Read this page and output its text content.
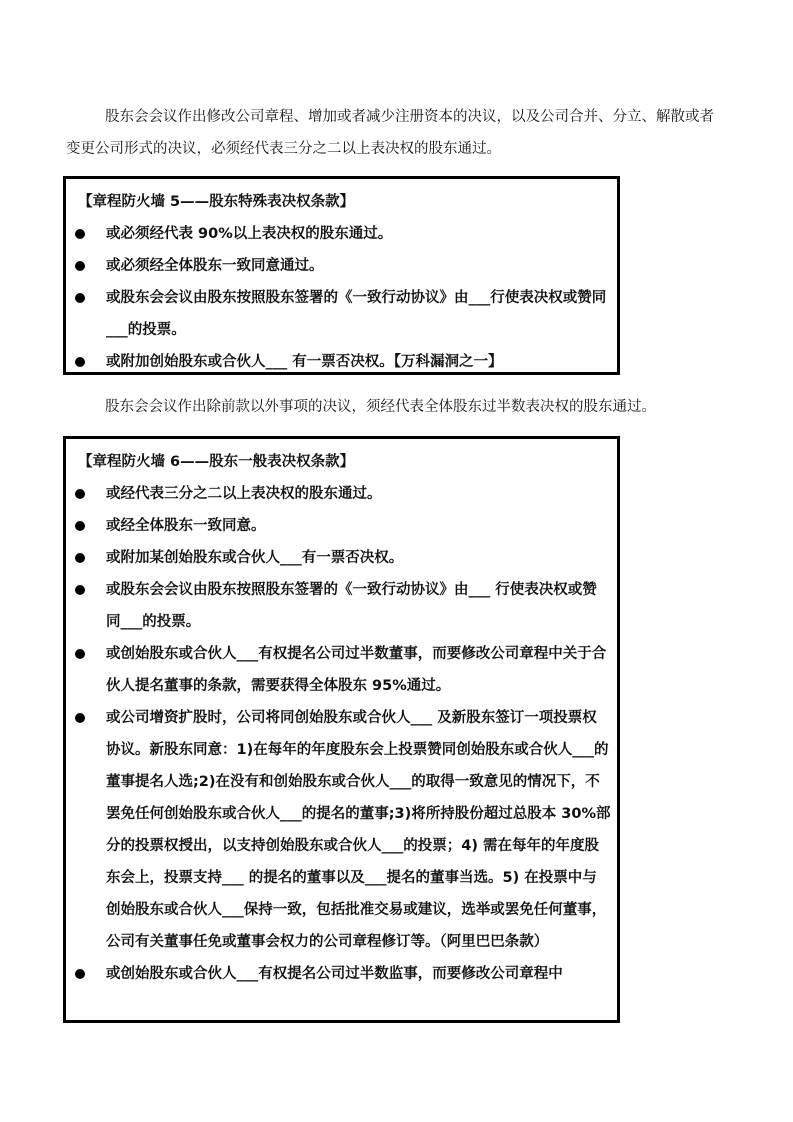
股东会会议作出修改公司章程、增加或者减少注册资本的决议，以及公司合并、分立、解散或者变更公司形式的决议，必须经代表三分之二以上表决权的股东通过。

【章程防火墙 5——股东特殊表决权条款】
或必须经代表 90%以上表决权的股东通过。
或必须经全体股东一致同意通过。
或股东会会议由股东按照股东签署的《一致行动协议》由___行使表决权或赞同___的投票。
或附加创始股东或合伙人___ 有一票否决权。【万科漏洞之一】

股东会会议作出除前款以外事项的决议，须经代表全体股东过半数表决权的股东通过。

【章程防火墙 6——股东一般表决权条款】
或经代表三分之二以上表决权的股东通过。
或经全体股东一致同意。
或附加某创始股东或合伙人___有一票否决权。
或股东会会议由股东按照股东签署的《一致行动协议》由___ 行使表决权或赞同___的投票。
或创始股东或合伙人___有权提名公司过半数董事，而要修改公司章程中关于合伙人提名董事的条款，需要获得全体股东 95%通过。
或公司增资扩股时，公司将同创始股东或合伙人___ 及新股东签订一项投票权协议。新股东同意：1)在每年的年度股东会上投票赞同创始股东或合伙人___的董事提名人选;2)在没有和创始股东或合伙人___的取得一致意见的情况下，不罢免任何创始股东或合伙人___的提名的董事;3)将所持股份超过总股本 30%部分的投票权授出，以支持创始股东或合伙人___的投票；4) 需在每年的年度股东会上，投票支持___ 的提名的董事以及___提名的董事当选。5) 在投票中与创始股东或合伙人___保持一致，包括批准交易或建议，选举或罢免任何董事，公司有关董事任免或董事会权力的公司章程修订等。（阿里巴巴条款）
或创始股东或合伙人___有权提名公司过半数监事，而要修改公司章程中
